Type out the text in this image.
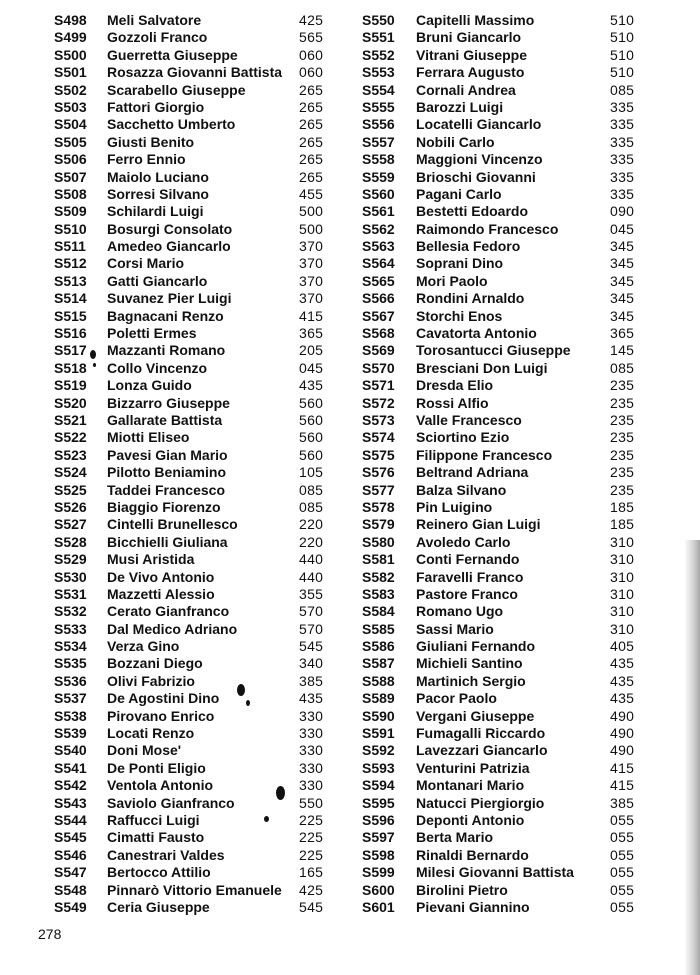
S498 Meli Salvatore	425
S499 Gozzoli Franco	565
S500 Guerretta Giuseppe	060
S501 Rosazza Giovanni Battista 060
S502 Scarabello Giuseppe	265
S503 Fattori Giorgio	265
S504 Sacchetto Umberto	265
S505 Giusti Benito	265
S506 Ferro Ennio	265
S507 Maiolo Luciano	265
S508 Sorresi Silvano	455
S509 Schilardi Luigi	500
S510 Bosurgi Consolato	500
S511 Amedeo Giancarlo	370
S512 Corsi Mario	370
S513 Gatti Giancarlo	370
S514 Suvanez Pier Luigi	370
S515 Bagnacani Renzo	415
S516 Poletti Ermes	365
S517 Mazzanti Romano	205
S518 Collo Vincenzo	045
S519 Lonza Guido	435
S520 Bizzarro Giuseppe	560
S521 Gallarate Battista	560
S522 Miotti Eliseo	560
S523 Pavesi Gian Mario	560
S524 Pilotto Beniamino	105
S525 Taddei Francesco	085
S526 Biaggio Fiorenzo	085
S527 Cintelli Brunellesco	220
S528 Bicchielli Giuliana	220
S529 Musi Aristida	440
S530 De Vivo Antonio	440
S531 Mazzetti Alessio	355
S532 Cerato Gianfranco	570
S533 Dal Medico Adriano	570
S534 Verza Gino	545
S535 Bozzani Diego	340
S536 Olivi Fabrizio	385
S537 De Agostini Dino	435
S538 Pirovano Enrico	330
S539 Locati Renzo	330
S540 Doni Mose'	330
S541 De Ponti Eligio	330
S542 Ventola Antonio	330
S543 Saviolo Gianfranco	550
S544 Raffucci Luigi	225
S545 Cimatti Fausto	225
S546 Canestrari Valdes	225
S547 Bertocco Attilio	165
S548 Pinnarò Vittorio Emanuele 425
S549 Ceria Giuseppe	545
S550 Capitelli Massimo	510
S551 Bruni Giancarlo	510
S552 Vitrani Giuseppe	510
S553 Ferrara Augusto	510
S554 Cornali Andrea	085
S555 Barozzi Luigi	335
S556 Locatelli Giancarlo	335
S557 Nobili Carlo	335
S558 Maggioni Vincenzo	335
S559 Brioschi Giovanni	335
S560 Pagani Carlo	335
S561 Bestetti Edoardo	090
S562 Raimondo Francesco	045
S563 Bellesia Fedoro	345
S564 Soprani Dino	345
S565 Mori Paolo	345
S566 Rondini Arnaldo	345
S567 Storchi Enos	345
S568 Cavatorta Antonio	365
S569 Torosantucci Giuseppe	145
S570 Bresciani Don Luigi	085
S571 Dresda Elio	235
S572 Rossi Alfio	235
S573 Valle Francesco	235
S574 Sciortino Ezio	235
S575 Filippone Francesco	235
S576 Beltrand Adriana	235
S577 Balza Silvano	235
S578 Pin Luigino	185
S579 Reinero Gian Luigi	185
S580 Avoledo Carlo	310
S581 Conti Fernando	310
S582 Faravelli Franco	310
S583 Pastore Franco	310
S584 Romano Ugo	310
S585 Sassi Mario	310
S586 Giuliani Fernando	405
S587 Michieli Santino	435
S588 Martinich Sergio	435
S589 Pacor Paolo	435
S590 Vergani Giuseppe	490
S591 Fumagalli Riccardo	490
S592 Lavezzari Giancarlo	490
S593 Venturini Patrizia	415
S594 Montanari Mario	415
S595 Natucci Piergiorgio	385
S596 Deponti Antonio	055
S597 Berta Mario	055
S598 Rinaldi Bernardo	055
S599 Milesi Giovanni Battista	055
S600 Birolini Pietro	055
S601 Pievani Giannino	055
278
